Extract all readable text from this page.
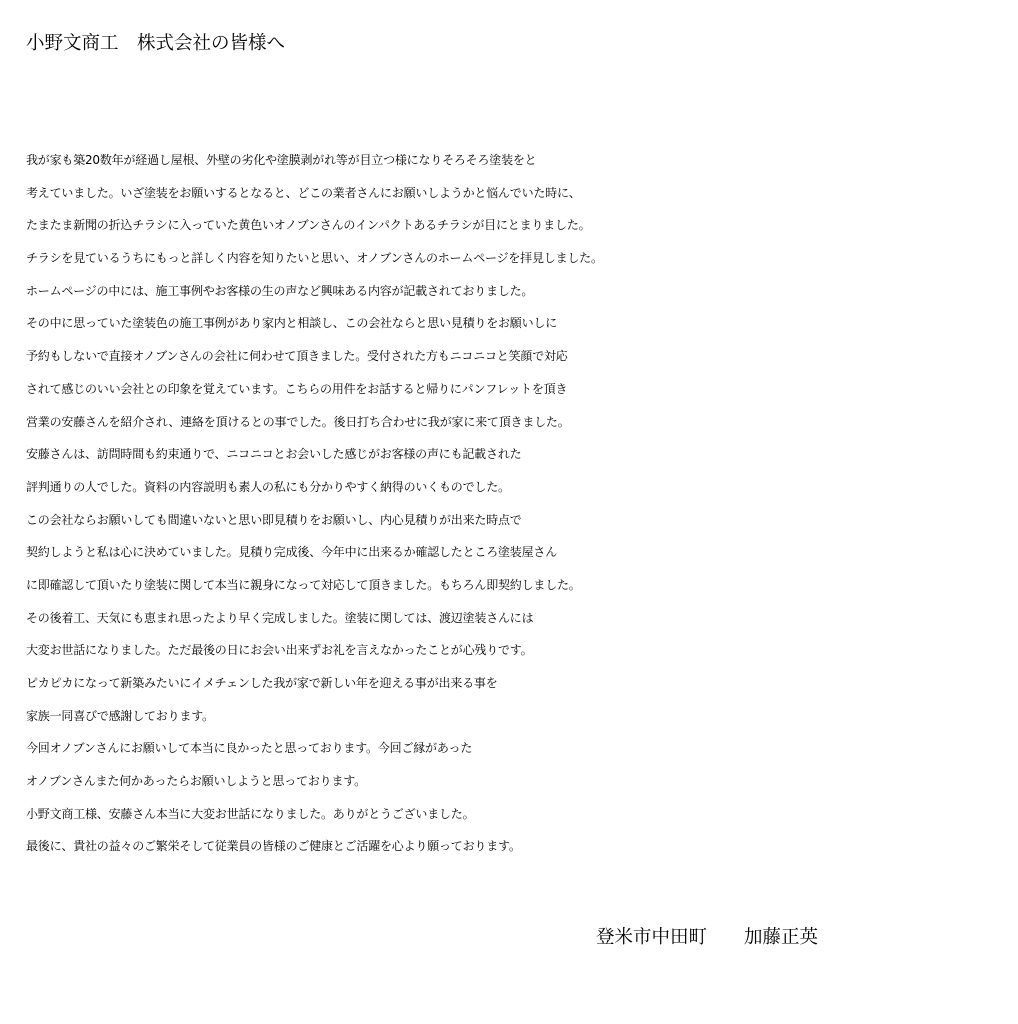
小野文商工　株式会社の皆様へ
我が家も築20数年が経過し屋根、外壁の劣化や塗膜剥がれ等が目立つ様になりそろそろ塗装をと
考えていました。いざ塗装をお願いするとなると、どこの業者さんにお願いしようかと悩んでいた時に、
たまたま新聞の折込チラシに入っていた黄色いオノブンさんのインパクトあるチラシが目にとまりました。
チラシを見ているうちにもっと詳しく内容を知りたいと思い、オノブンさんのホームページを拝見しました。
ホームページの中には、施工事例やお客様の生の声など興味ある内容が記載されておりました。
その中に思っていた塗装色の施工事例があり家内と相談し、この会社ならと思い見積りをお願いしに
予約もしないで直接オノブンさんの会社に伺わせて頂きました。受付された方もニコニコと笑顔で対応
されて感じのいい会社との印象を覚えています。こちらの用件をお話すると帰りにパンフレットを頂き
営業の安藤さんを紹介され、連絡を頂けるとの事でした。後日打ち合わせに我が家に来て頂きました。
安藤さんは、訪問時間も約束通りで、ニコニコとお会いした感じがお客様の声にも記載された
評判通りの人でした。資料の内容説明も素人の私にも分かりやすく納得のいくものでした。
この会社ならお願いしても間違いないと思い即見積りをお願いし、内心見積りが出来た時点で
契約しようと私は心に決めていました。見積り完成後、今年中に出来るか確認したところ塗装屋さん
に即確認して頂いたり塗装に関して本当に親身になって対応して頂きました。もちろん即契約しました。
その後着工、天気にも恵まれ思ったより早く完成しました。塗装に関しては、渡辺塗装さんには
大変お世話になりました。ただ最後の日にお会い出来ずお礼を言えなかったことが心残りです。
ピカピカになって新築みたいにイメチェンした我が家で新しい年を迎える事が出来る事を
家族一同喜びで感謝しております。
今回オノブンさんにお願いして本当に良かったと思っております。今回ご縁があった
オノブンさんまた何かあったらお願いしようと思っております。
小野文商工様、安藤さん本当に大変お世話になりました。ありがとうございました。
最後に、貴社の益々のご繁栄そして従業員の皆様のご健康とご活躍を心より願っております。
登米市中田町　　加藤正英
